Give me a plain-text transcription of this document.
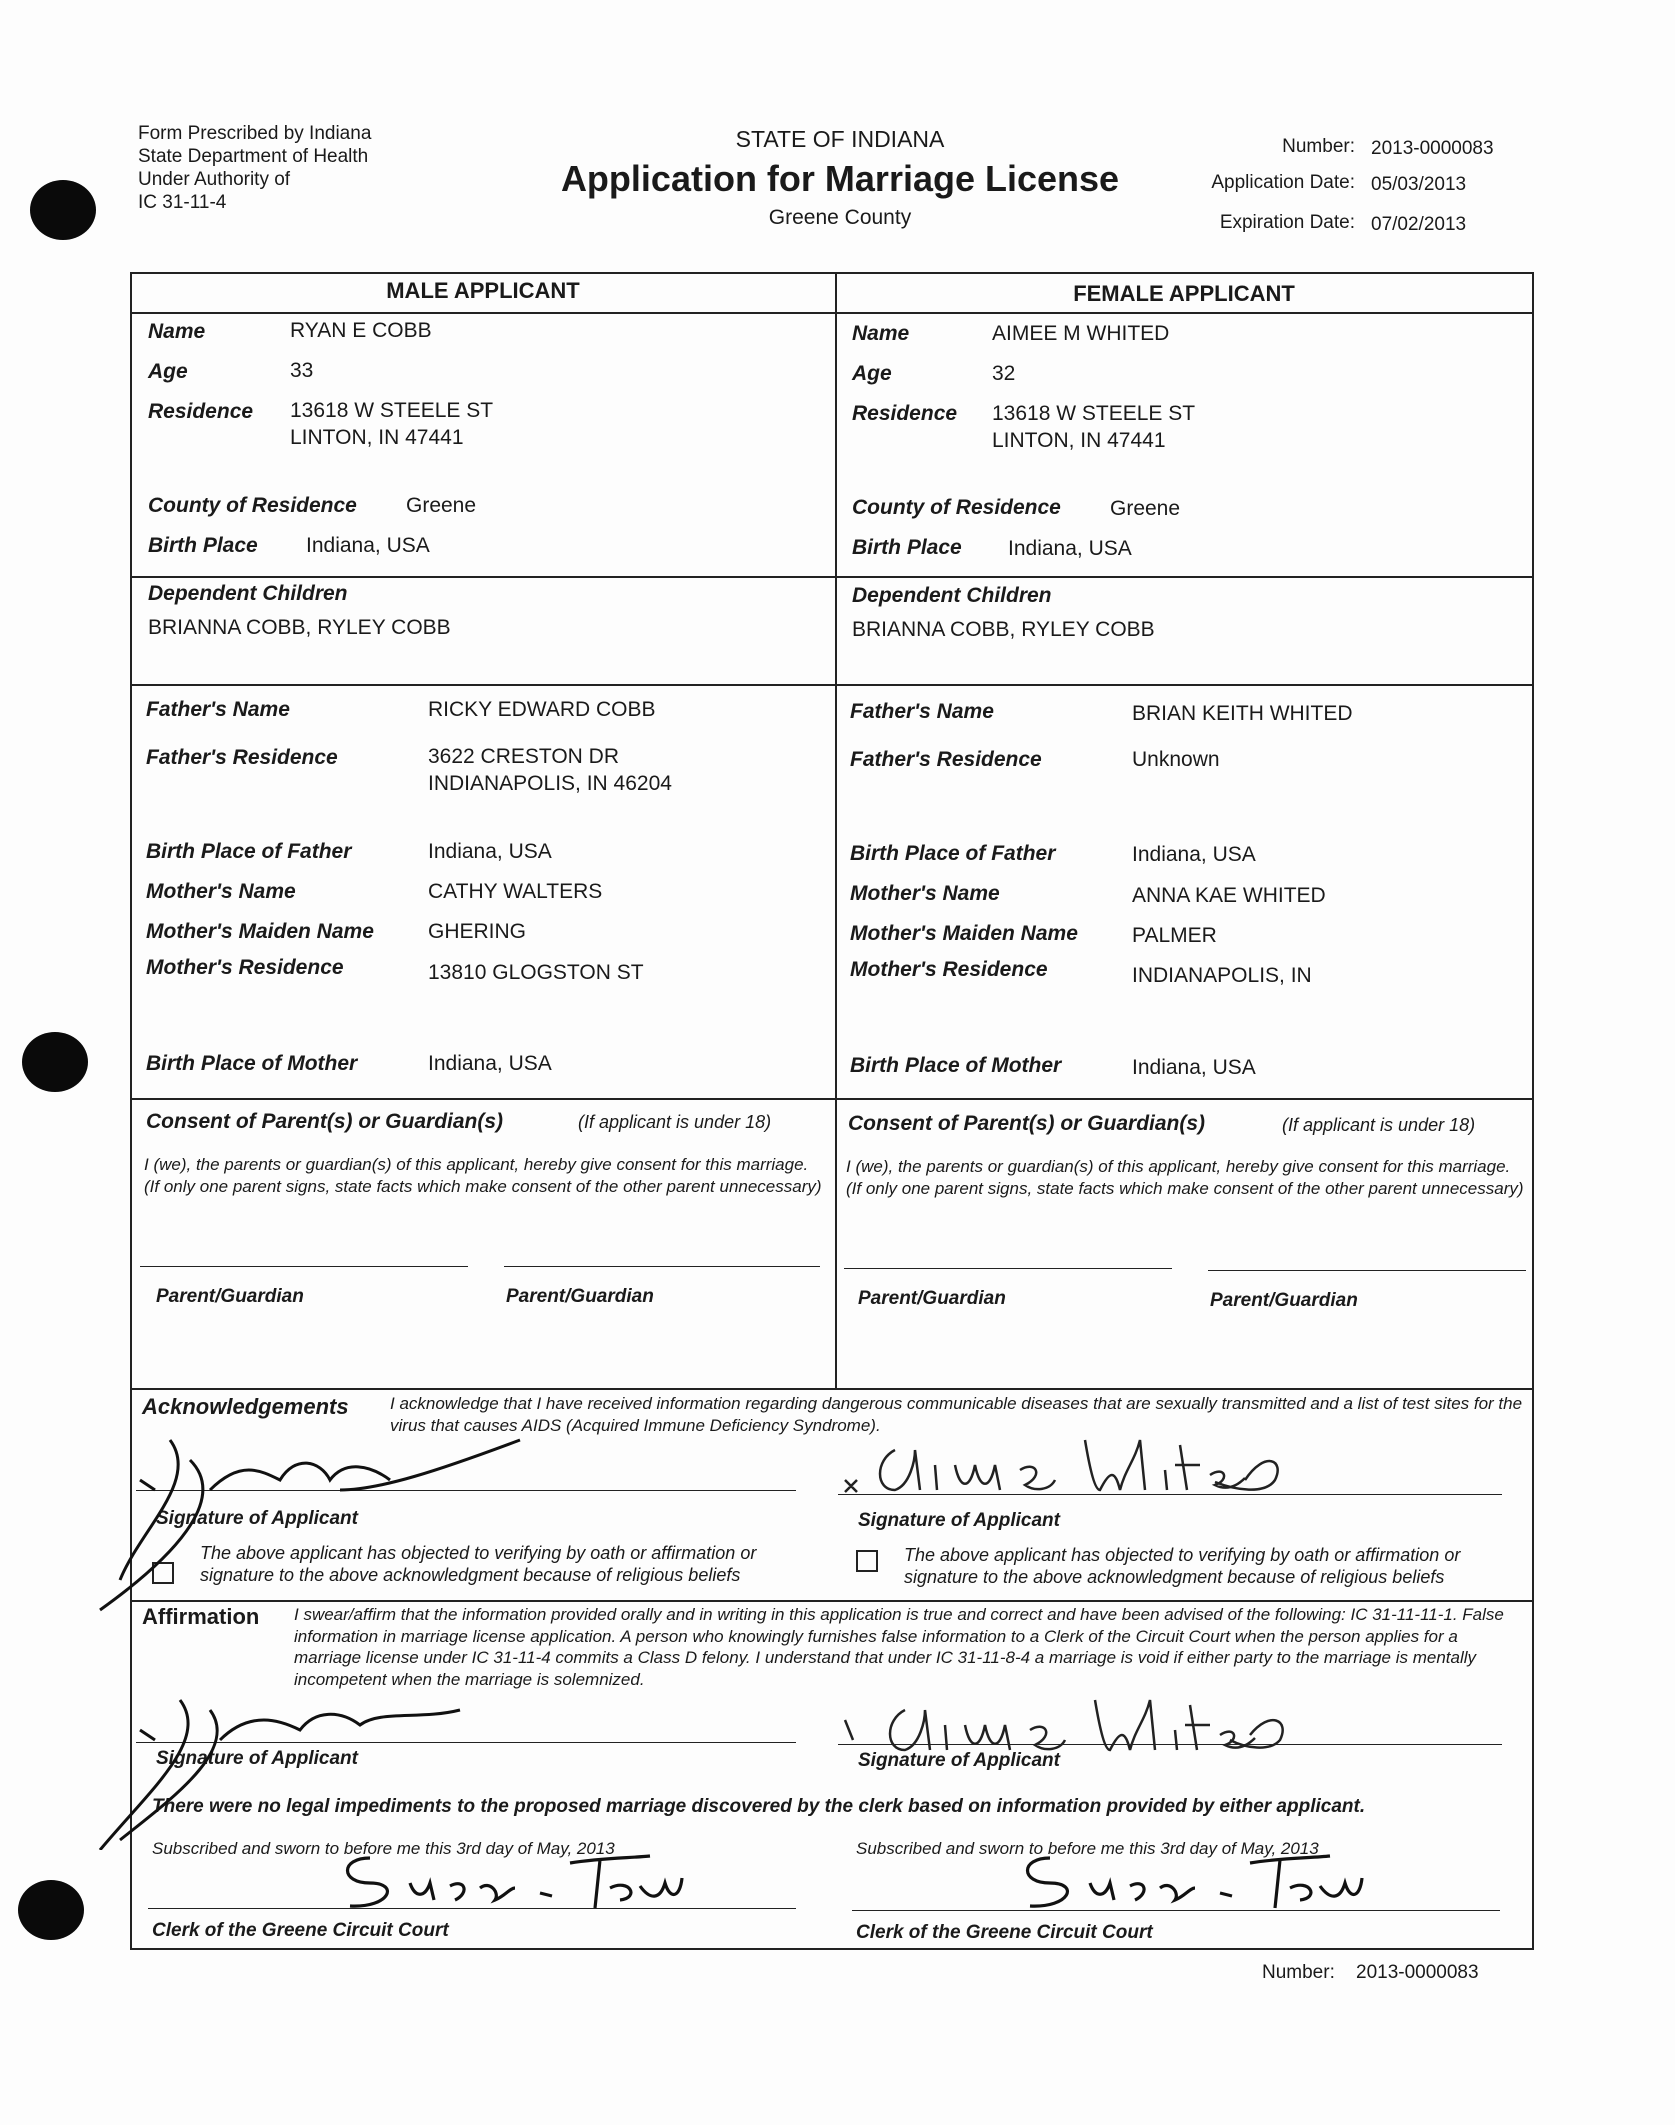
Form Prescribed by Indiana
State Department of Health
Under Authority of
IC 31-11-4
STATE OF INDIANA
Application for Marriage License
Greene County
Number: 2013-0000083
Application Date: 05/03/2013
Expiration Date: 07/02/2013
MALE APPLICANT	FEMALE APPLICANT
Name	RYAN E COBB
Age	33
Residence 13618 W STEELE ST
LINTON, IN 47441
County of Residence Greene
Birth Place Indiana, USA
Dependent Children
BRIANNA COBB, RYLEY COBB
Father's Name	RICKY EDWARD COBB
Father's Residence	3622 CRESTON DR
INDIANAPOLIS, IN 46204
Birth Place of Father	Indiana, USA
Mother's Name	CATHY WALTERS
Mother's Maiden Name	GHERING
Mother's Residence	13810 GLOGSTON ST
Birth Place of Mother	Indiana, USA
Name	AIMEE M WHITED
Age	32
Residence 13618 W STEELE ST
LINTON, IN 47441
County of Residence Greene
Birth Place Indiana, USA
Dependent Children
BRIANNA COBB, RYLEY COBB
Father's Name	BRIAN KEITH WHITED
Father's Residence	Unknown
Birth Place of Father	Indiana, USA
Mother's Name	ANNA KAE WHITED
Mother's Maiden Name	PALMER
Mother's Residence	INDIANAPOLIS, IN
Birth Place of Mother	Indiana, USA
Consent of Parent(s) or Guardian(s)	(If applicant is under 18)
I (we), the parents or guardian(s) of this applicant, hereby give consent for this marriage. (If only one parent signs, state facts which make consent of the other parent unnecessary)
Parent/Guardian	Parent/Guardian
Consent of Parent(s) or Guardian(s)	(If applicant is under 18)
I (we), the parents or guardian(s) of this applicant, hereby give consent for this marriage. (If only one parent signs, state facts which make consent of the other parent unnecessary)
Parent/Guardian	Parent/Guardian
Acknowledgements I acknowledge that I have received information regarding dangerous communicable diseases that are sexually transmitted and a list of test sites for the virus that causes AIDS (Acquired Immune Deficiency Syndrome).
Signature of Applicant	Signature of Applicant
The above applicant has objected to verifying by oath or affirmation or signature to the above acknowledgment because of religious beliefs
The above applicant has objected to verifying by oath or affirmation or signature to the above acknowledgment because of religious beliefs
Affirmation I swear/affirm that the information provided orally and in writing in this application is true and correct and have been advised of the following: IC 31-11-11-1. False information in marriage license application. A person who knowingly furnishes false information to a Clerk of the Circuit Court when the person applies for a marriage license under IC 31-11-4 commits a Class D felony. I understand that under IC 31-11-8-4 a marriage is void if either party to the marriage is mentally incompetent when the marriage is solemnized.
Signature of Applicant	Signature of Applicant
There were no legal impediments to the proposed marriage discovered by the clerk based on information provided by either applicant.
Subscribed and sworn to before me this 3rd day of May, 2013	Subscribed and sworn to before me this 3rd day of May, 2013
Clerk of the Greene Circuit Court	Clerk of the Greene Circuit Court
Number: 2013-0000083
